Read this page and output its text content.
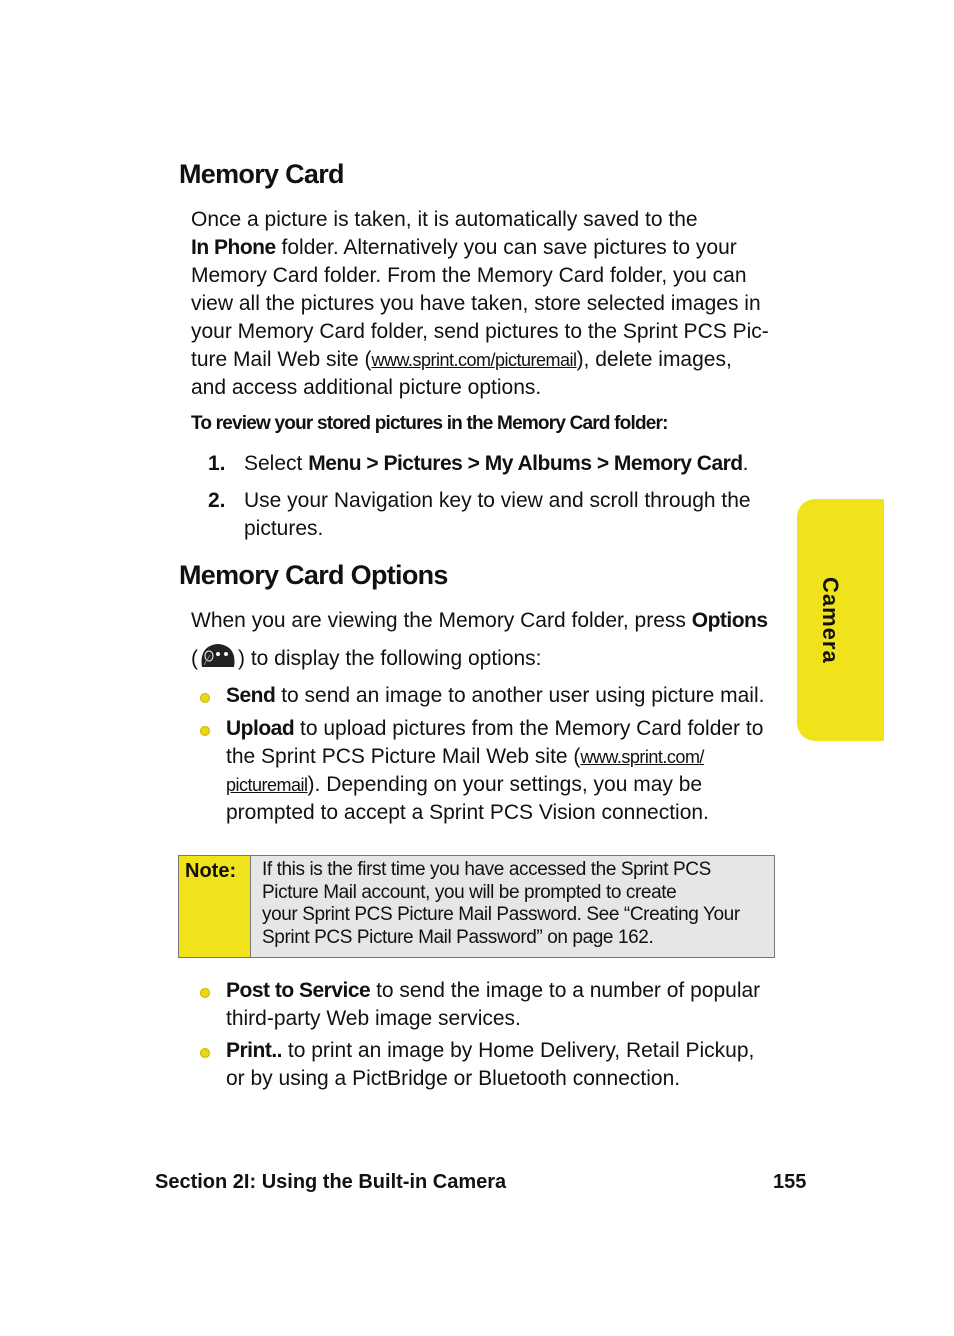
Memory Card
Once a picture is taken, it is automatically saved to the
In Phone folder. Alternatively you can save pictures to your
Memory Card folder. From the Memory Card folder, you can
view all the pictures you have taken, store selected images in
your Memory Card folder, send pictures to the Sprint PCS Pic-
ture Mail Web site (www.sprint.com/picturemail), delete images,
and access additional picture options.
To review your stored pictures in the Memory Card folder:
1. Select Menu > Pictures > My Albums > Memory Card.
2. Use your Navigation key to view and scroll through the
pictures.
Memory Card Options
When you are viewing the Memory Card folder, press Options
( ) to display the following options:
Send to send an image to another user using picture mail.
Upload to upload pictures from the Memory Card folder to
the Sprint PCS Picture Mail Web site (www.sprint.com/
picturemail). Depending on your settings, you may be
prompted to accept a Sprint PCS Vision connection.
Note:	If this is the first time you have accessed the Sprint PCS
Picture Mail account, you will be prompted to create
your Sprint PCS Picture Mail Password. See “Creating Your
Sprint PCS Picture Mail Password” on page 162.
Post to Service to send the image to a number of popular
third-party Web image services.
Print.. to print an image by Home Delivery, Retail Pickup,
or by using a PictBridge or Bluetooth connection.
Camera
Section 2I: Using the Built-in Camera	155
